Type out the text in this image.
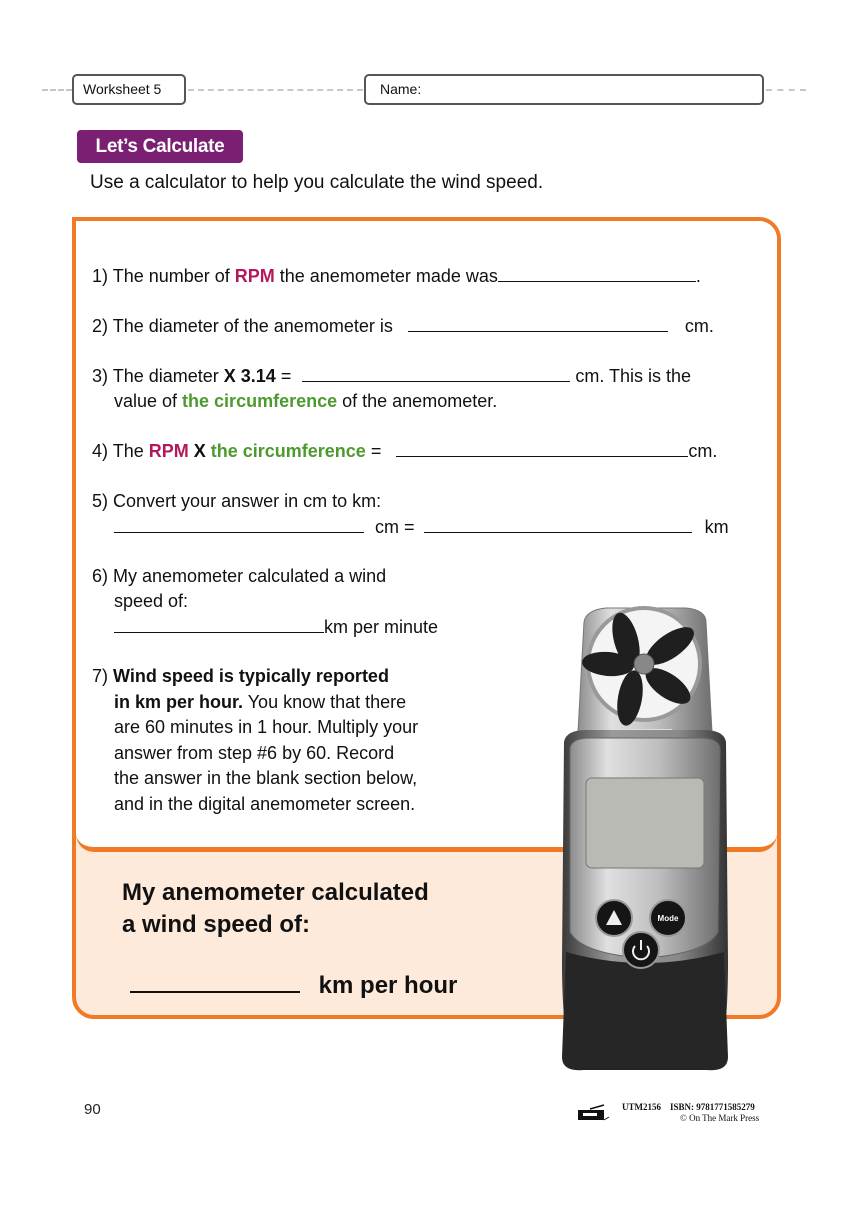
Worksheet 5	Name:
Let’s Calculate
Use a calculator to help you calculate the wind speed.
1) The number of RPM the anemometer made was	.
2) The diameter of the anemometer is	cm.
3) The diameter X 3.14 =	cm. This is the
value of the circumference of the anemometer.
4) The RPM X the circumference =	cm.
5) Convert your answer in cm to km:
cm =	km
6) My anemometer calculated a wind
speed of:
km per minute
7) Wind speed is typically reported
in km per hour. You know that there
are 60 minutes in 1 hour. Multiply your
answer from step #6 by 60. Record
the answer in the blank section below,
and in the digital anemometer screen.
My anemometer calculated
a wind speed of:
km per hour
Mode
90	UTM2156 ISBN: 9781771585279
© On The Mark Press
